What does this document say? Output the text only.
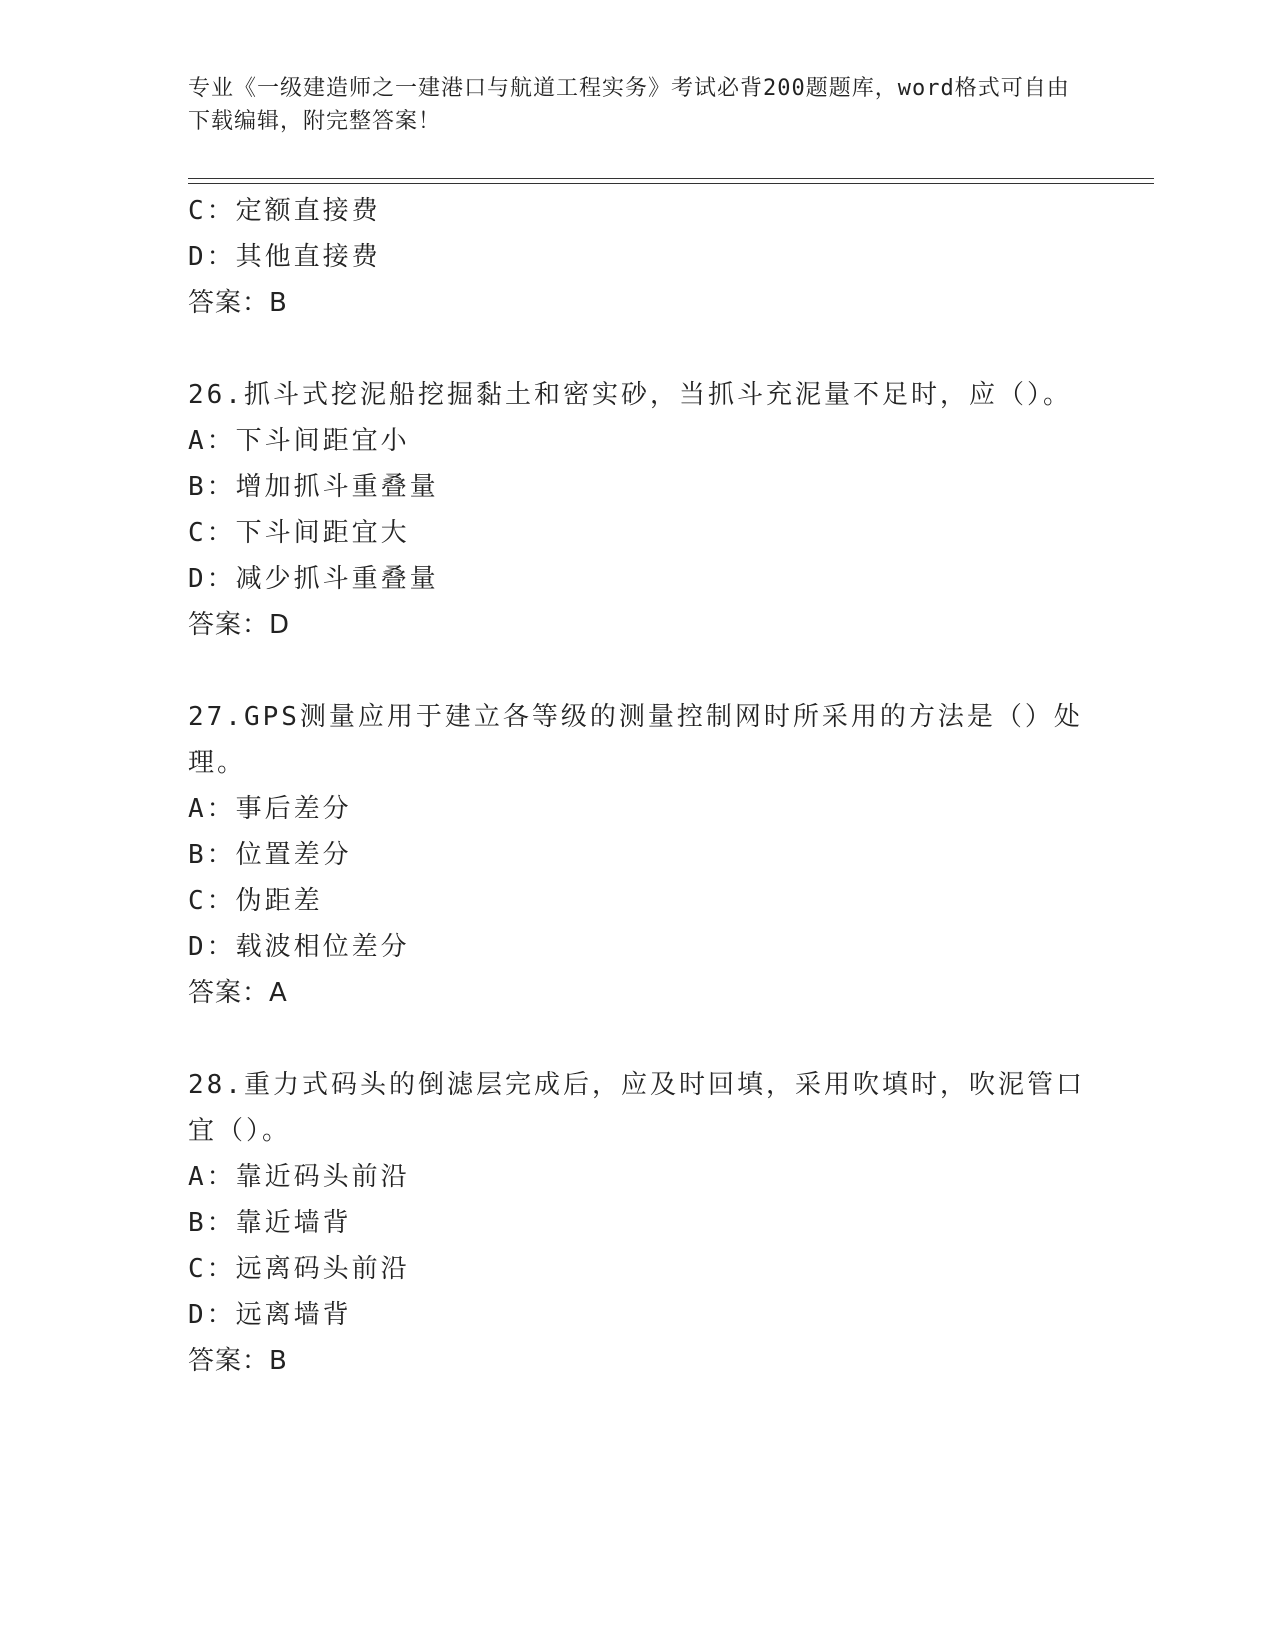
专业《一级建造师之一建港口与航道工程实务》考试必背200题题库，word格式可自由下载编辑，附完整答案！
C：定额直接费
D：其他直接费
答案：B
26.抓斗式挖泥船挖掘黏土和密实砂，当抓斗充泥量不足时，应（）。
A：下斗间距宜小
B：增加抓斗重叠量
C：下斗间距宜大
D：减少抓斗重叠量
答案：D
27.GPS测量应用于建立各等级的测量控制网时所采用的方法是（）处理。
A：事后差分
B：位置差分
C：伪距差
D：载波相位差分
答案：A
28.重力式码头的倒滤层完成后，应及时回填，采用吹填时，吹泥管口宜（）。
A：靠近码头前沿
B：靠近墙背
C：远离码头前沿
D：远离墙背
答案：B
